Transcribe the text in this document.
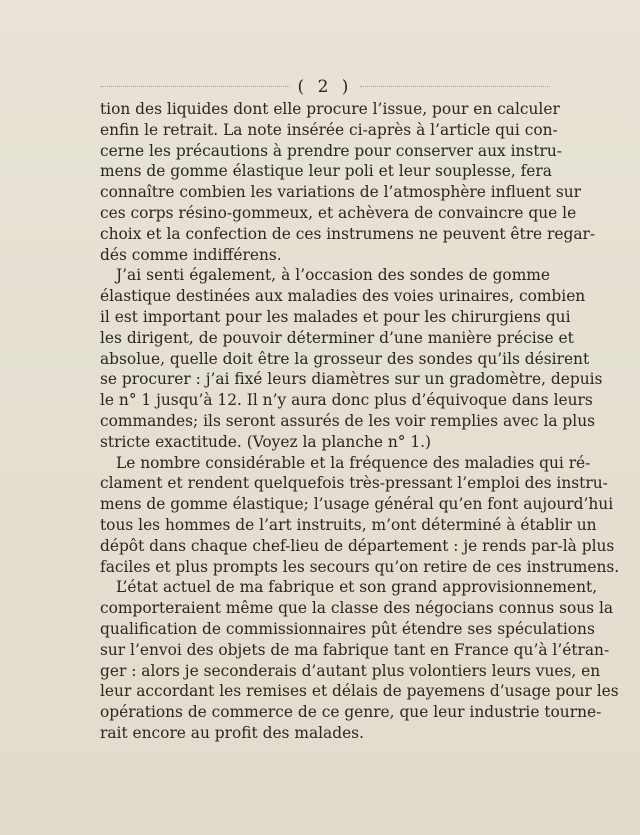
( 2 )
tion des liquides dont elle procure l’issue, pour en calculer
enfin le retrait. La note insérée ci-après à l’article qui con-
cerne les précautions à prendre pour conserver aux instru-
mens de gomme élastique leur poli et leur souplesse, fera
connaître combien les variations de l’atmosphère influent sur
ces corps résino-gommeux, et achèvera de convaincre que le
choix et la confection de ces instrumens ne peuvent être regar-
dés comme indifférens.
J’ai senti également, à l’occasion des sondes de gomme
élastique destinées aux maladies des voies urinaires, combien
il est important pour les malades et pour les chirurgiens qui
les dirigent, de pouvoir déterminer d’une manière précise et
absolue, quelle doit être la grosseur des sondes qu’ils désirent
se procurer : j’ai fixé leurs diamètres sur un gradomètre, depuis
le n° 1 jusqu’à 12. Il n’y aura donc plus d’équivoque dans leurs
commandes; ils seront assurés de les voir remplies avec la plus
stricte exactitude. (Voyez la planche n° 1.)
Le nombre considérable et la fréquence des maladies qui ré-
clament et rendent quelquefois très-pressant l’emploi des instru-
mens de gomme élastique; l’usage général qu’en font aujourd’hui
tous les hommes de l’art instruits, m’ont déterminé à établir un
dépôt dans chaque chef-lieu de département : je rends par-là plus
faciles et plus prompts les secours qu’on retire de ces instrumens.
L’état actuel de ma fabrique et son grand approvisionnement,
comporteraient même que la classe des négocians connus sous la
qualification de commissionnaires pût étendre ses spéculations
sur l’envoi des objets de ma fabrique tant en France qu’à l’étran-
ger : alors je seconderais d’autant plus volontiers leurs vues, en
leur accordant les remises et délais de payemens d’usage pour les
opérations de commerce de ce genre, que leur industrie tourne-
rait encore au profit des malades.
